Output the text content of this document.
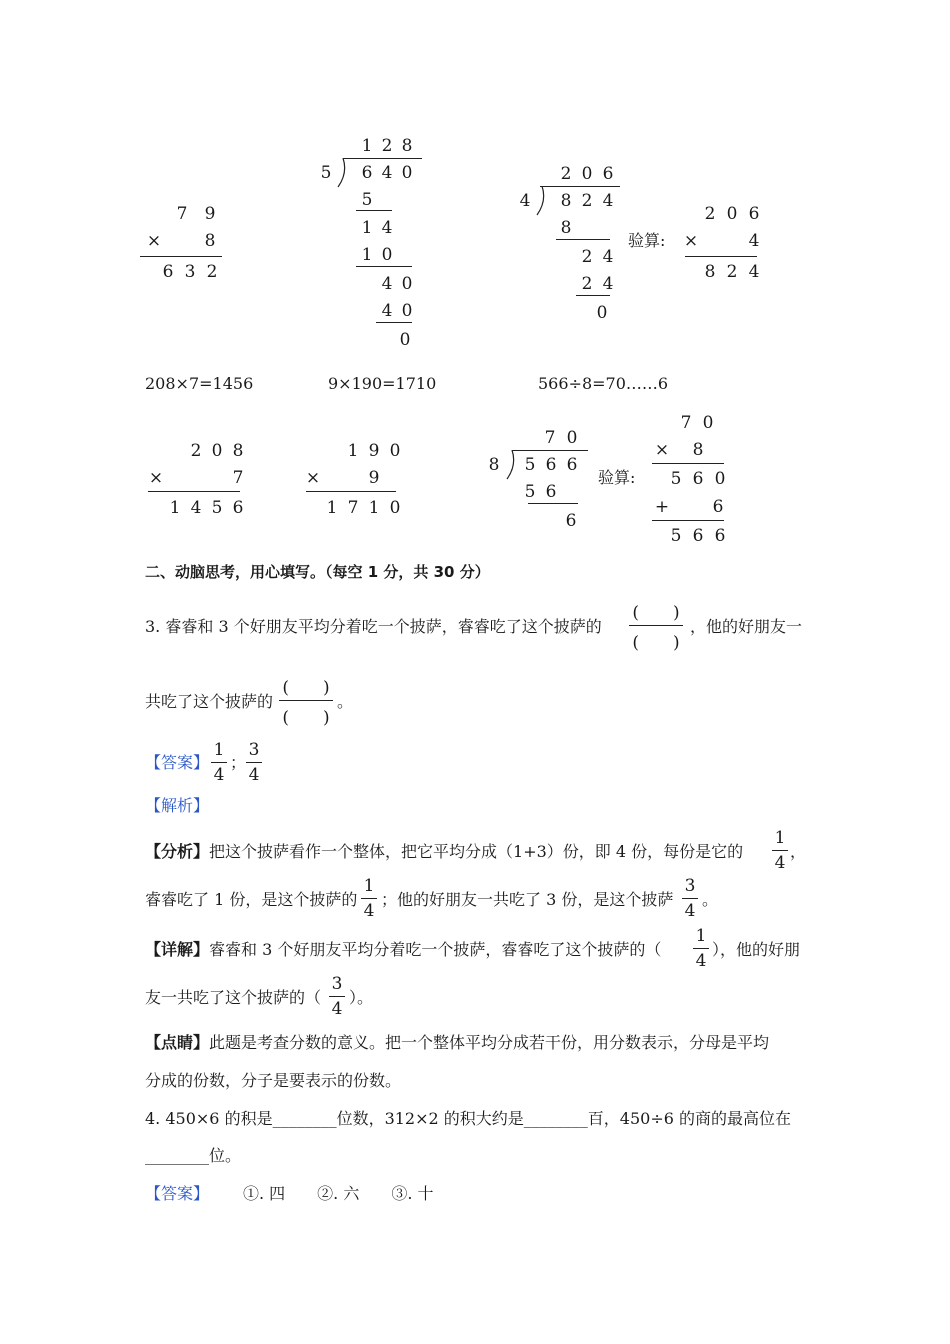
7 9
×	8
6 3 2
1 2 8
5 6 4 0
5
1 4
1 0
4 0
4 0
0
2 0 6
4 8 2 4
8
2 4
2 4
0
验算:
2 0 6
×	4
8 2 4
208×7=1456	9×190=1710	566÷8=70……6
2 0 8
×	7
1 4 5 6
1 9 0
×	9
1 7 1 0
7 0
8 5 6 6
5 6
6
验算:
7 0
× 8
5 6 0
+	6
5 6 6
二、动脑思考，用心填写。（每空 1 分，共 30 分）
3. 睿睿和 3 个好朋友平均分着吃一个披萨，睿睿吃了这个披萨的
(　　)
(　　)
，他的好朋友一
共吃了这个披萨的
(　　)
(　　)
。
【答案】
1
4
；
3
4
【解析】
【分析】把这个披萨看作一个整体，把它平均分成（1+3）份，即 4 份，每份是它的
1
4
，
睿睿吃了 1 份，是这个披萨的
1
4
；他的好朋友一共吃了 3 份，是这个披萨
3
4
。
【详解】睿睿和 3 个好朋友平均分着吃一个披萨，睿睿吃了这个披萨的（
1
4
），他的好朋
友一共吃了这个披萨的（
3
4
）。
【点睛】此题是考查分数的意义。把一个整体平均分成若干份，用分数表示，分母是平均
分成的份数，分子是要表示的份数。
4. 450×6 的积是________位数，312×2 的积大约是________百，450÷6 的商的最高位在
________位。
【答案】 ①. 四　　②. 六　　③. 十
